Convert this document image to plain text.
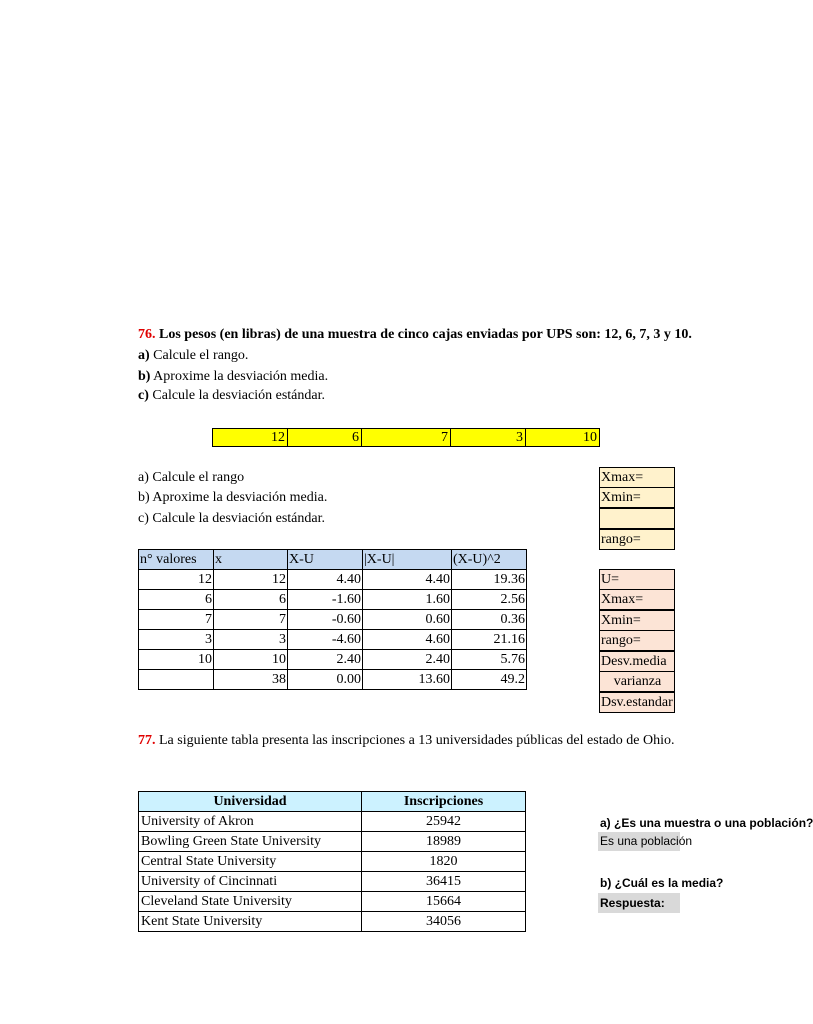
76. Los pesos (en libras) de una muestra de cinco cajas enviadas por UPS son: 12, 6, 7, 3 y 10.
a) Calcule el rango.
b) Aproxime la desviación media.
c) Calcule la desviación estándar.
12	6	7	3	10
a) Calcule el rango
b) Aproxime la desviación media.
c) Calcule la desviación estándar.
Xmax=
Xmin=
rango=
n° valores	x	X-U	|X-U|	(X-U)^2
12	12	4.40	4.40	19.36
6	6	-1.60	1.60	2.56
7	7	-0.60	0.60	0.36
3	3	-4.60	4.60	21.16
10	10	2.40	2.40	5.76
	38	0.00	13.60	49.2
U=
Xmax=
Xmin=
rango=
Desv.media
varianza
Dsv.estandar
77. La siguiente tabla presenta las inscripciones a 13 universidades públicas del estado de Ohio.
Universidad	Inscripciones
University of Akron	25942
Bowling Green State University	18989
Central State University	1820
University of Cincinnati	36415
Cleveland State University	15664
Kent State University	34056
a) ¿Es una muestra o una población?
Es una población
b) ¿Cuál es la media?
Respuesta:
